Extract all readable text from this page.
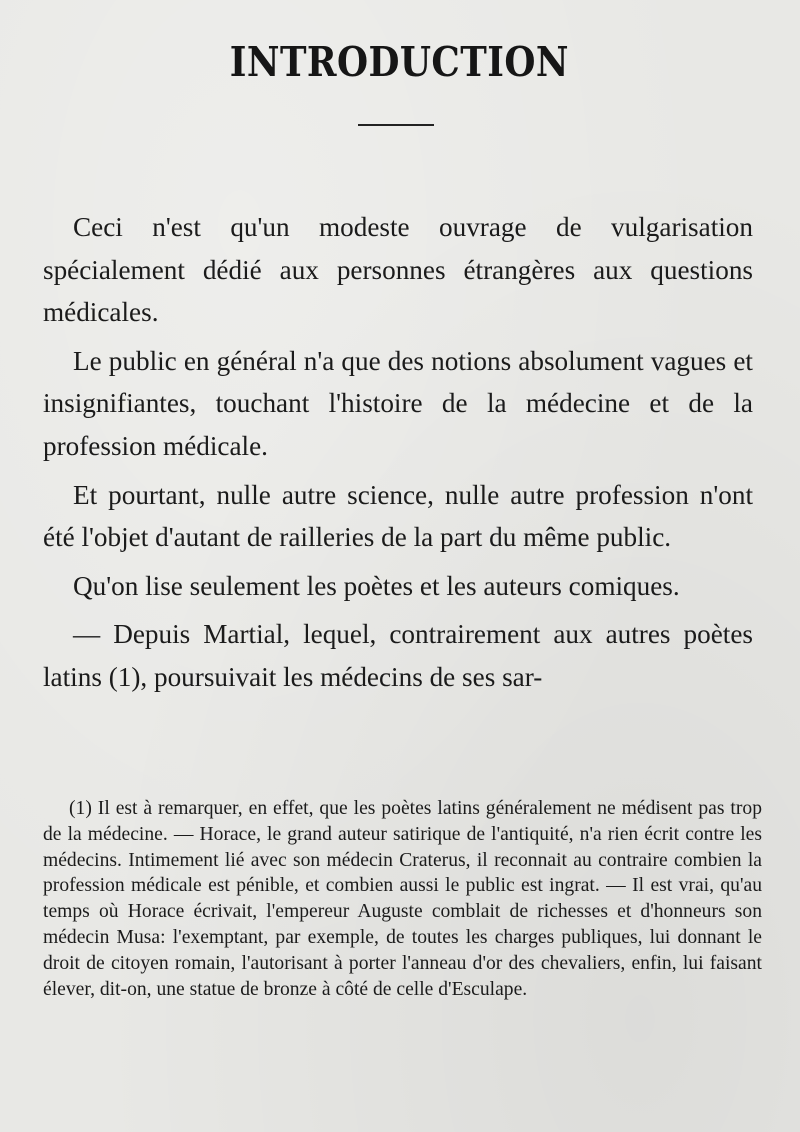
INTRODUCTION

Ceci n'est qu'un modeste ouvrage de vulgarisation spécialement dédié aux personnes étrangères aux questions médicales.

Le public en général n'a que des notions absolument vagues et insignifiantes, touchant l'histoire de la médecine et de la profession médicale.

Et pourtant, nulle autre science, nulle autre profession n'ont été l'objet d'autant de railleries de la part du même public.

Qu'on lise seulement les poètes et les auteurs comiques.

— Depuis Martial, lequel, contrairement aux autres poètes latins (1), poursuivait les médecins de ses sar-

(1) Il est à remarquer, en effet, que les poètes latins généralement ne médisent pas trop de la médecine. — Horace, le grand auteur satirique de l'antiquité, n'a rien écrit contre les médecins. Intimement lié avec son médecin Craterus, il reconnait au contraire combien la profession médicale est pénible, et combien aussi le public est ingrat. — Il est vrai, qu'au temps où Horace écrivait, l'empereur Auguste comblait de richesses et d'honneurs son médecin Musa: l'exemptant, par exemple, de toutes les charges publiques, lui donnant le droit de citoyen romain, l'autorisant à porter l'anneau d'or des chevaliers, enfin, lui faisant élever, dit-on, une statue de bronze à côté de celle d'Esculape.
